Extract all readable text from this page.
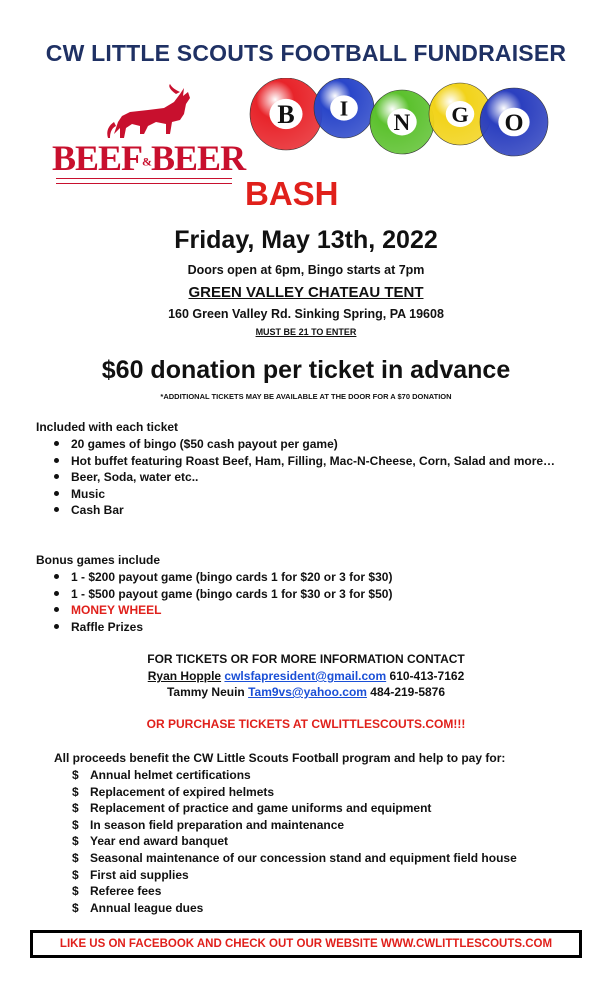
CW LITTLE SCOUTS FOOTBALL FUNDRAISER
BEEF&BEER
B I
N G O
BASH
Friday, May 13th, 2022
Doors open at 6pm, Bingo starts at 7pm
GREEN VALLEY CHATEAU TENT
160 Green Valley Rd. Sinking Spring, PA 19608
MUST BE 21 TO ENTER
$60 donation per ticket in advance
*ADDITIONAL TICKETS MAY BE AVAILABLE AT THE DOOR FOR A $70 DONATION
Included with each ticket
20 games of bingo ($50 cash payout per game)
Hot buffet featuring Roast Beef, Ham, Filling, Mac-N-Cheese, Corn, Salad and more…
Beer, Soda, water etc..
Music
Cash Bar
Bonus games include
1 - $200 payout game (bingo cards 1 for $20 or 3 for $30)
1 - $500 payout game (bingo cards 1 for $30 or 3 for $50)
MONEY WHEEL
Raffle Prizes
FOR TICKETS OR FOR MORE INFORMATION CONTACT
Ryan Hopple cwlsfapresident@gmail.com 610-413-7162
Tammy Neuin Tam9vs@yahoo.com 484-219-5876
OR PURCHASE TICKETS AT CWLITTLESCOUTS.COM!!!
All proceeds benefit the CW Little Scouts Football program and help to pay for:
$ Annual helmet certifications
$ Replacement of expired helmets
$ Replacement of practice and game uniforms and equipment
$ In season field preparation and maintenance
$ Year end award banquet
$ Seasonal maintenance of our concession stand and equipment field house
$ First aid supplies
$ Referee fees
$ Annual league dues
LIKE US ON FACEBOOK AND CHECK OUT OUR WEBSITE WWW.CWLITTLESCOUTS.COM
